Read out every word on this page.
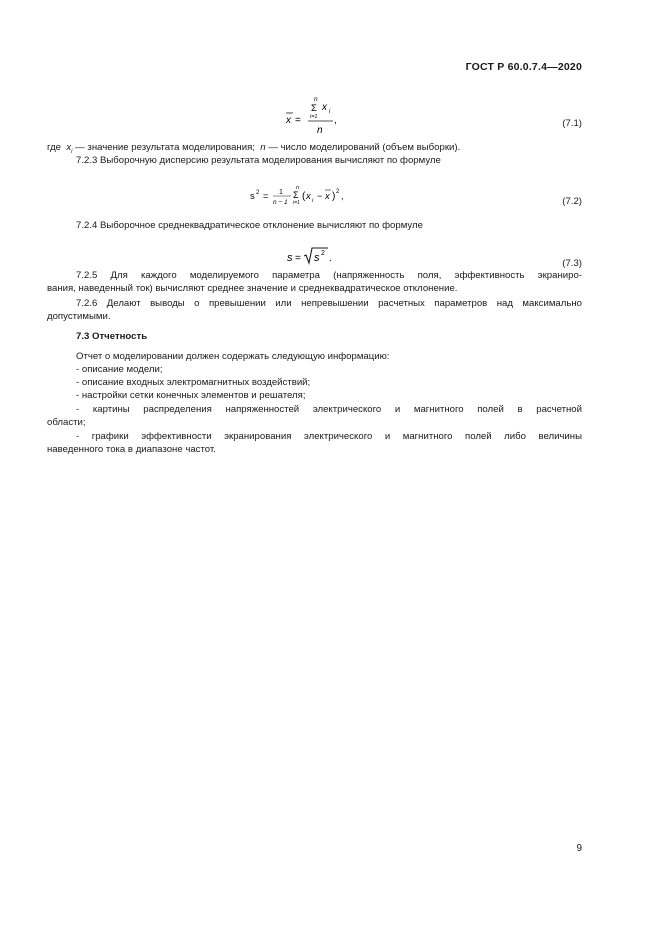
ГОСТ Р 60.0.7.4—2020
x =
n
Σ
i=1
x i
n
,	(7.1)
где $x_i$ — значение результата моделирования; n — число моделирований (объем выборки).
7.2.3 Выборочную дисперсию результата моделирования вычисляют по формуле
s 2 = 1
n − 1
n
Σ
i=1
( x i − x ) 2 ,	(7.2)
7.2.4 Выборочное среднеквадратическое отклонение вычисляют по формуле
s = s 2 .	(7.3)
7.2.5 Для каждого моделируемого параметра (напряженность поля, эффективность экраниро-
вания, наведенный ток) вычисляют среднее значение и среднеквадратическое отклонение.
7.2.6 Делают выводы о превышении или непревышении расчетных параметров над максимально
допустимыми.
7.3 Отчетность
Отчет о моделировании должен содержать следующую информацию:
- описание модели;
- описание входных электромагнитных воздействий;
- настройки сетки конечных элементов и решателя;
- картины распределения напряженностей электрического и магнитного полей в расчетной
области;
- графики эффективности экранирования электрического и магнитного полей либо величины
наведенного тока в диапазоне частот.
9
